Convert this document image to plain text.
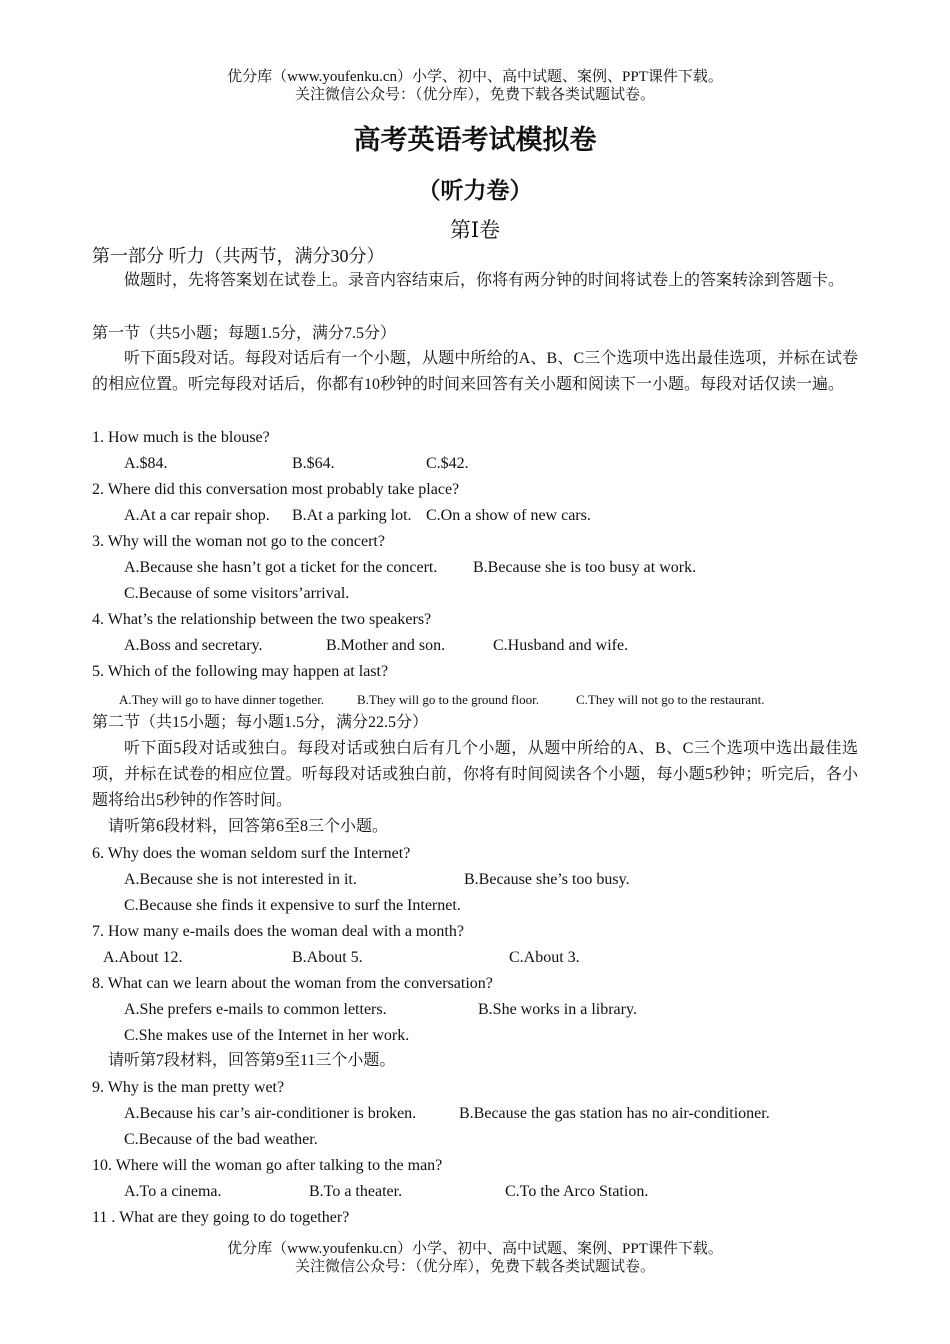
优分库（www.youfenku.cn）小学、初中、高中试题、案例、PPT课件下载。
关注微信公众号：（优分库），免费下载各类试题试卷。
高考英语考试模拟卷
（听力卷）
第Ⅰ卷
第一部分 听力（共两节，满分30分）
做题时，先将答案划在试卷上。录音内容结束后，你将有两分钟的时间将试卷上的答案转涂到答题卡。
第一节（共5小题；每题1.5分，满分7.5分）
听下面5段对话。每段对话后有一个小题，从题中所给的A、B、C三个选项中选出最佳选项，并标在试卷的相应位置。听完每段对话后，你都有10秒钟的时间来回答有关小题和阅读下一小题。每段对话仅读一遍。
1. How much is the blouse?
A.$84.	B.$64.	C.$42.
2. Where did this conversation most probably take place?
A.At a car repair shop. B.At a parking lot. C.On a show of new cars.
3. Why will the woman not go to the concert?
A.Because she hasn’t got a ticket for the concert. B.Because she is too busy at work.
C.Because of some visitors’arrival.
4. What’s the relationship between the two speakers?
A.Boss and secretary.	B.Mother and son.	C.Husband and wife.
5. Which of the following may happen at last?
A.They will go to have dinner together.	B.They will go to the ground floor.	C.They will not go to the restaurant.
第二节（共15小题；每小题1.5分，满分22.5分）
听下面5段对话或独白。每段对话或独白后有几个小题，从题中所给的A、B、C三个选项中选出最佳选项，并标在试卷的相应位置。听每段对话或独白前，你将有时间阅读各个小题，每小题5秒钟；听完后，各小题将给出5秒钟的作答时间。
请听第6段材料，回答第6至8三个小题。
6. Why does the woman seldom surf the Internet?
A.Because she is not interested in it.	B.Because she’s too busy.
C.Because she finds it expensive to surf the Internet.
7. How many e-mails does the woman deal with a month?
A.About 12.	B.About 5.	C.About 3.
8. What can we learn about the woman from the conversation?
A.She prefers e-mails to common letters.	B.She works in a library.
C.She makes use of the Internet in her work.
请听第7段材料，回答第9至11三个小题。
9. Why is the man pretty wet?
A.Because his car’s air-conditioner is broken.	B.Because the gas station has no air-conditioner.
C.Because of the bad weather.
10. Where will the woman go after talking to the man?
A.To a cinema.	B.To a theater.	C.To the Arco Station.
11 . What are they going to do together?
优分库（www.youfenku.cn）小学、初中、高中试题、案例、PPT课件下载。
关注微信公众号：（优分库），免费下载各类试题试卷。
